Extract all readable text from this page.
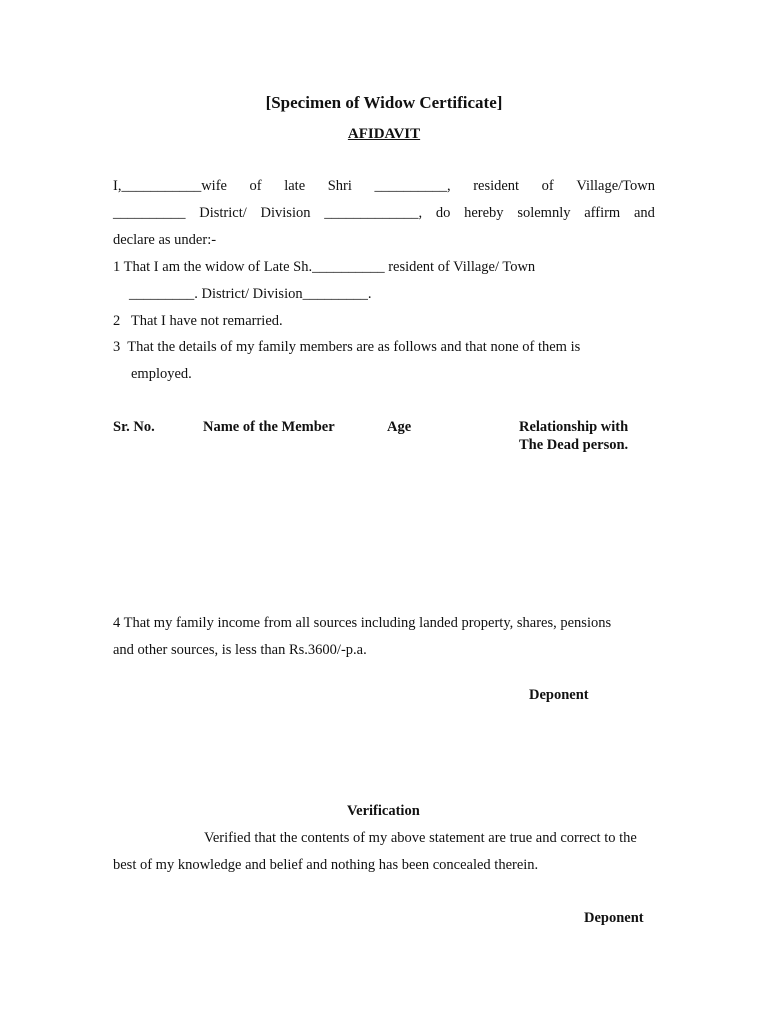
[Specimen of Widow Certificate]
AFIDAVIT
I,___________wife of late Shri __________, resident of Village/Town
__________ District/ Division _____________, do hereby solemnly affirm and
declare as under:-
1 That I am the widow of Late Sh.__________ resident of Village/ Town
_________. District/ Division_________.
2   That I have not remarried.
3  That the details of my family members are as follows and that none of them is
employed.
Sr. No.	Name of the Member	Age	Relationship with
The Dead person.
4 That my family income from all sources including landed property, shares, pensions
and other sources, is less than Rs.3600/-p.a.
Deponent
Verification
Verified that the contents of my above statement are true and correct to the
best of my knowledge and belief and nothing has been concealed therein.
Deponent
